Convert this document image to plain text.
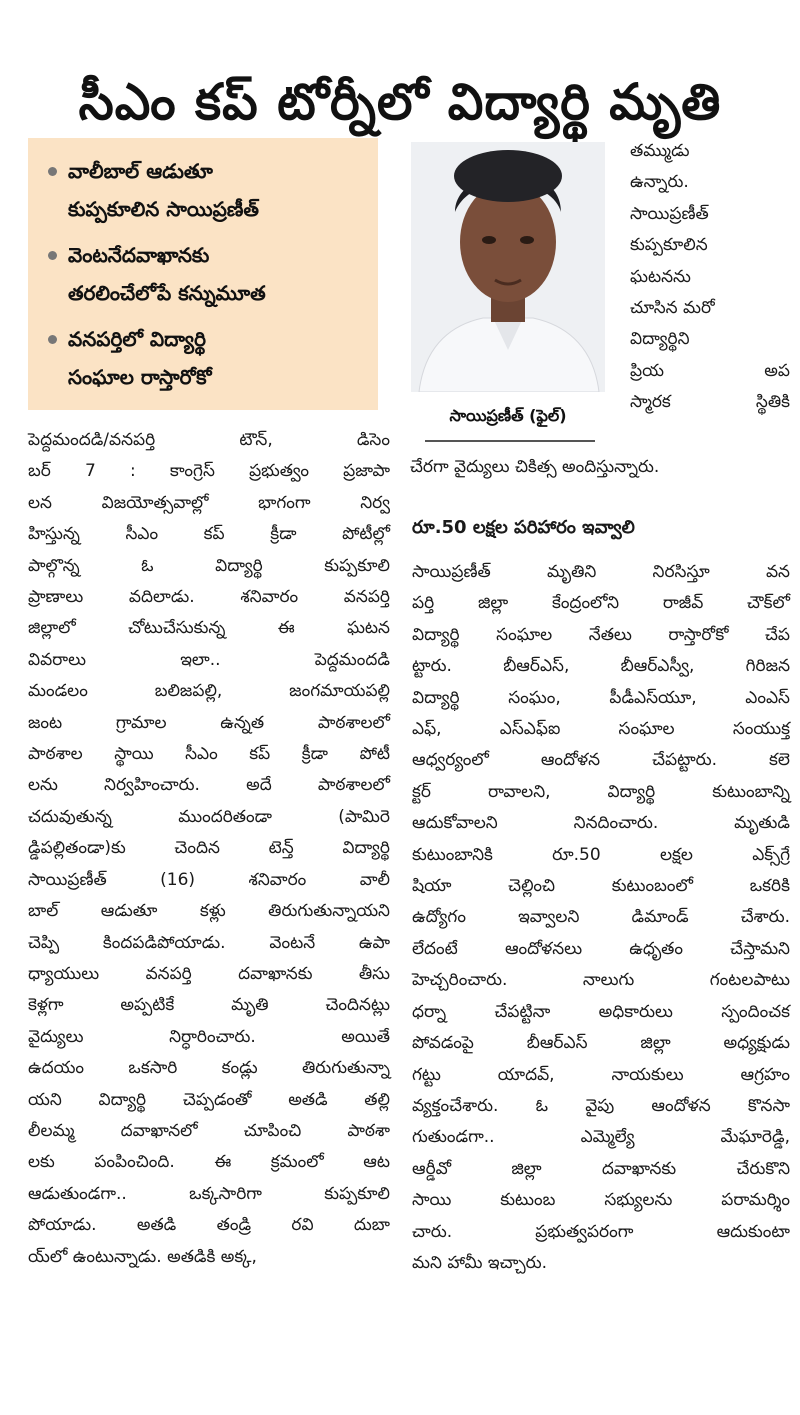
సీఎం కప్ టోర్నీలో విద్యార్థి మృతి
వాలీబాల్ ఆడుతూ
కుప్పకూలిన సాయిప్రణీత్
వెంటనేదవాఖానకు
తరలించేలోపే కన్నుమూత
వనపర్తిలో విద్యార్థి
సంఘాల రాస్తారోకో
సాయిప్రణీత్ (ఫైల్)
తమ్ముడు
ఉన్నారు.
సాయిప్రణీత్
కుప్పకూలిన
ఘటనను
చూసిన మరో
విద్యార్థిని
ప్రియ అప
స్మారక స్థితికి
చేరగా వైద్యులు చికిత్స అందిస్తున్నారు.
రూ.50 లక్షల పరిహారం ఇవ్వాలి
పెద్దమందడి/వనపర్తి టౌన్, డిసెం
బర్ 7 : కాంగ్రెస్ ప్రభుత్వం ప్రజాపా
లన విజయోత్సవాల్లో భాగంగా నిర్వ
హిస్తున్న సీఎం కప్ క్రీడా పోటీల్లో
పాల్గొన్న ఓ విద్యార్థి కుప్పకూలి
ప్రాణాలు వదిలాడు. శనివారం వనపర్తి
జిల్లాలో చోటుచేసుకున్న ఈ ఘటన
వివరాలు ఇలా.. పెద్దమందడి
మండలం బలిజపల్లి, జంగమాయపల్లి
జంట గ్రామాల ఉన్నత పాఠశాలలో
పాఠశాల స్థాయి సీఎం కప్ క్రీడా పోటీ
లను నిర్వహించారు. అదే పాఠశాలలో
చదువుతున్న ముందరితండా (పామిరె
డ్డిపల్లితండా)కు చెందిన టెన్త్ విద్యార్థి
సాయిప్రణీత్ (16) శనివారం వాలీ
బాల్ ఆడుతూ కళ్లు తిరుగుతున్నాయని
చెప్పి కిందపడిపోయాడు. వెంటనే ఉపా
ధ్యాయులు వనపర్తి దవాఖానకు తీసు
కెళ్లగా అప్పటికే మృతి చెందినట్లు
వైద్యులు నిర్ధారించారు. అయితే
ఉదయం ఒకసారి కండ్లు తిరుగుతున్నా
యని విద్యార్థి చెప్పడంతో అతడి తల్లి
లీలమ్మ దవాఖానలో చూపించి పాఠశా
లకు పంపించింది. ఈ క్రమంలో ఆట
ఆడుతుండగా.. ఒక్కసారిగా కుప్పకూలి
పోయాడు. అతడి తండ్రి రవి దుబా
య్‌లో ఉంటున్నాడు. అతడికి అక్క,
సాయిప్రణీత్ మృతిని నిరసిస్తూ వన
పర్తి జిల్లా కేంద్రంలోని రాజీవ్ చౌక్‌లో
విద్యార్థి సంఘాల నేతలు రాస్తారోకో చేప
ట్టారు. బీఆర్ఎస్, బీఆర్ఎస్వీ, గిరిజన
విద్యార్థి సంఘం, పీడీఎస్‌యూ, ఎంఎస్
ఎఫ్, ఎస్ఎఫ్ఐ సంఘాల సంయుక్త
ఆధ్వర్యంలో ఆందోళన చేపట్టారు. కలె
క్టర్ రావాలని, విద్యార్థి కుటుంబాన్ని
ఆదుకోవాలని నినదించారు. మృతుడి
కుటుంబానికి రూ.50 లక్షల ఎక్స్‌గ్రే
షియా చెల్లించి కుటుంబంలో ఒకరికి
ఉద్యోగం ఇవ్వాలని డిమాండ్ చేశారు.
లేదంటే ఆందోళనలు ఉధృతం చేస్తామని
హెచ్చరించారు. నాలుగు గంటలపాటు
ధర్నా చేపట్టినా అధికారులు స్పందించక
పోవడంపై బీఆర్ఎస్ జిల్లా అధ్యక్షుడు
గట్టు యాదవ్, నాయకులు ఆగ్రహం
వ్యక్తంచేశారు. ఓ వైపు ఆందోళన కొనసా
గుతుండగా.. ఎమ్మెల్యే మేఘారెడ్డి,
ఆర్డీవో జిల్లా దవాఖానకు చేరుకొని
సాయి కుటుంబ సభ్యులను పరామర్శిం
చారు. ప్రభుత్వపరంగా ఆదుకుంటా
మని హామీ ఇచ్చారు.
